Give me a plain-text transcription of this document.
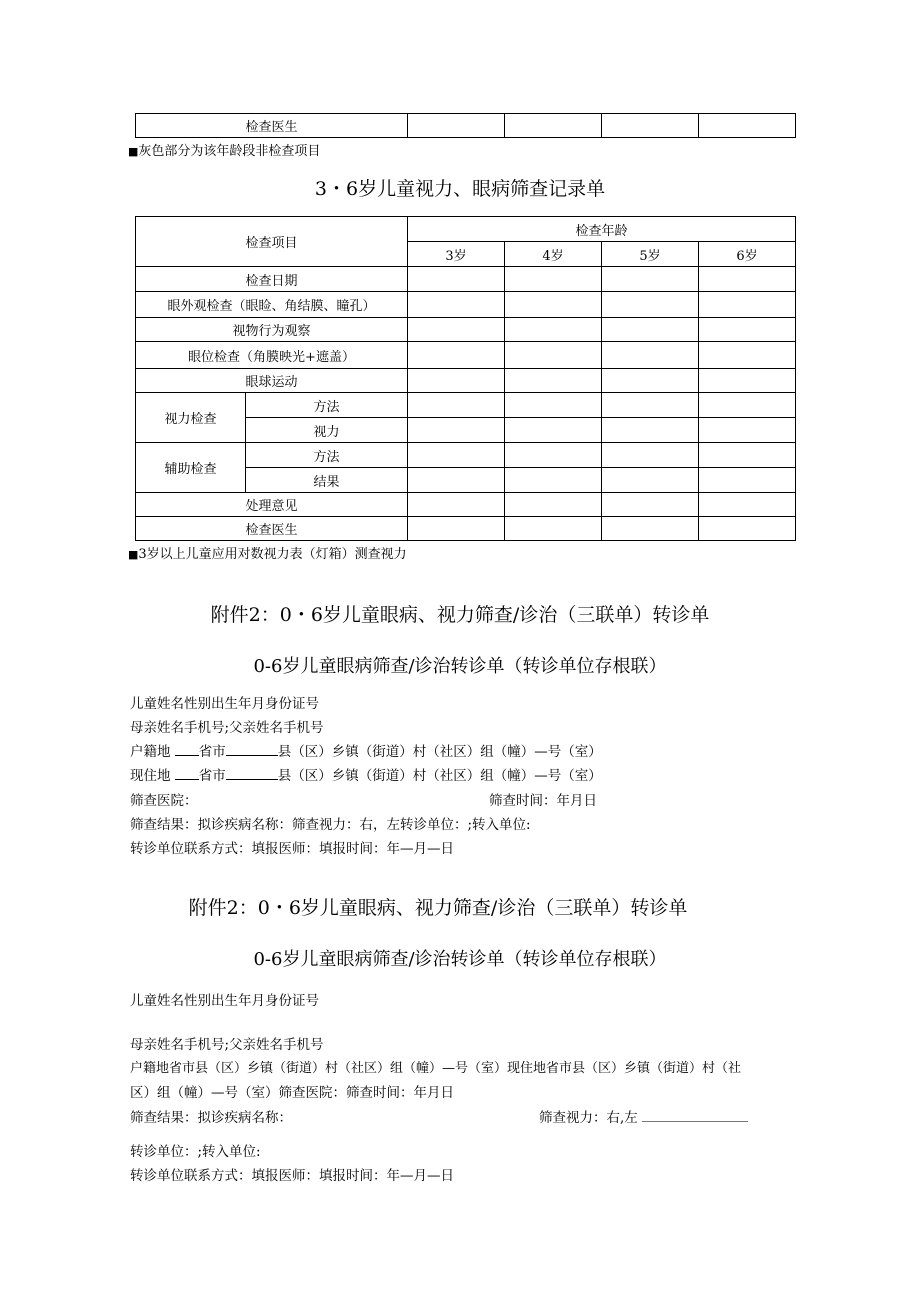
检查医生				
■灰色部分为该年龄段非检查项目
3・6岁儿童视力、眼病筛查记录单
检查项目		检查年龄			
		3岁	4岁	5岁	6岁
检查日期					
眼外观检查（眼睑、角结膜、瞳孔）					
视物行为观察					
眼位检查（角膜映光+遮盖）					
眼球运动					
视力检查	方法				
	视力				
辅助检查	方法				
	结果				
处理意见					
检查医生					
■3岁以上儿童应用对数视力表（灯箱）测查视力
附件2：0・6岁儿童眼病、视力筛查/诊治（三联单）转诊单
0-6岁儿童眼病筛查/诊治转诊单（转诊单位存根联）
儿童姓名性别出生年月身份证号
母亲姓名手机号;父亲姓名手机号
户籍地 省市	县（区）乡镇（街道）村（社区）组（幢）—号（室）
现住地 省市	县（区）乡镇（街道）村（社区）组（幢）—号（室）
筛查医院：	筛查时间：年月日
筛查结果：拟诊疾病名称：筛查视力：右，左转诊单位：;转入单位:
转诊单位联系方式：填报医师：填报时间：年—月—日
附件2：0・6岁儿童眼病、视力筛查/诊治（三联单）转诊单
0-6岁儿童眼病筛查/诊治转诊单（转诊单位存根联）
儿童姓名性别出生年月身份证号
母亲姓名手机号;父亲姓名手机号
户籍地省市县（区）乡镇（街道）村（社区）组（幢）—号（室）现住地省市县（区）乡镇（街道）村（社
区）组（幢）—号（室）筛查医院：筛查时间：年月日
筛查结果：拟诊疾病名称：	筛查视力：右,左
转诊单位：;转入单位:
转诊单位联系方式：填报医师：填报时间：年—月—日
